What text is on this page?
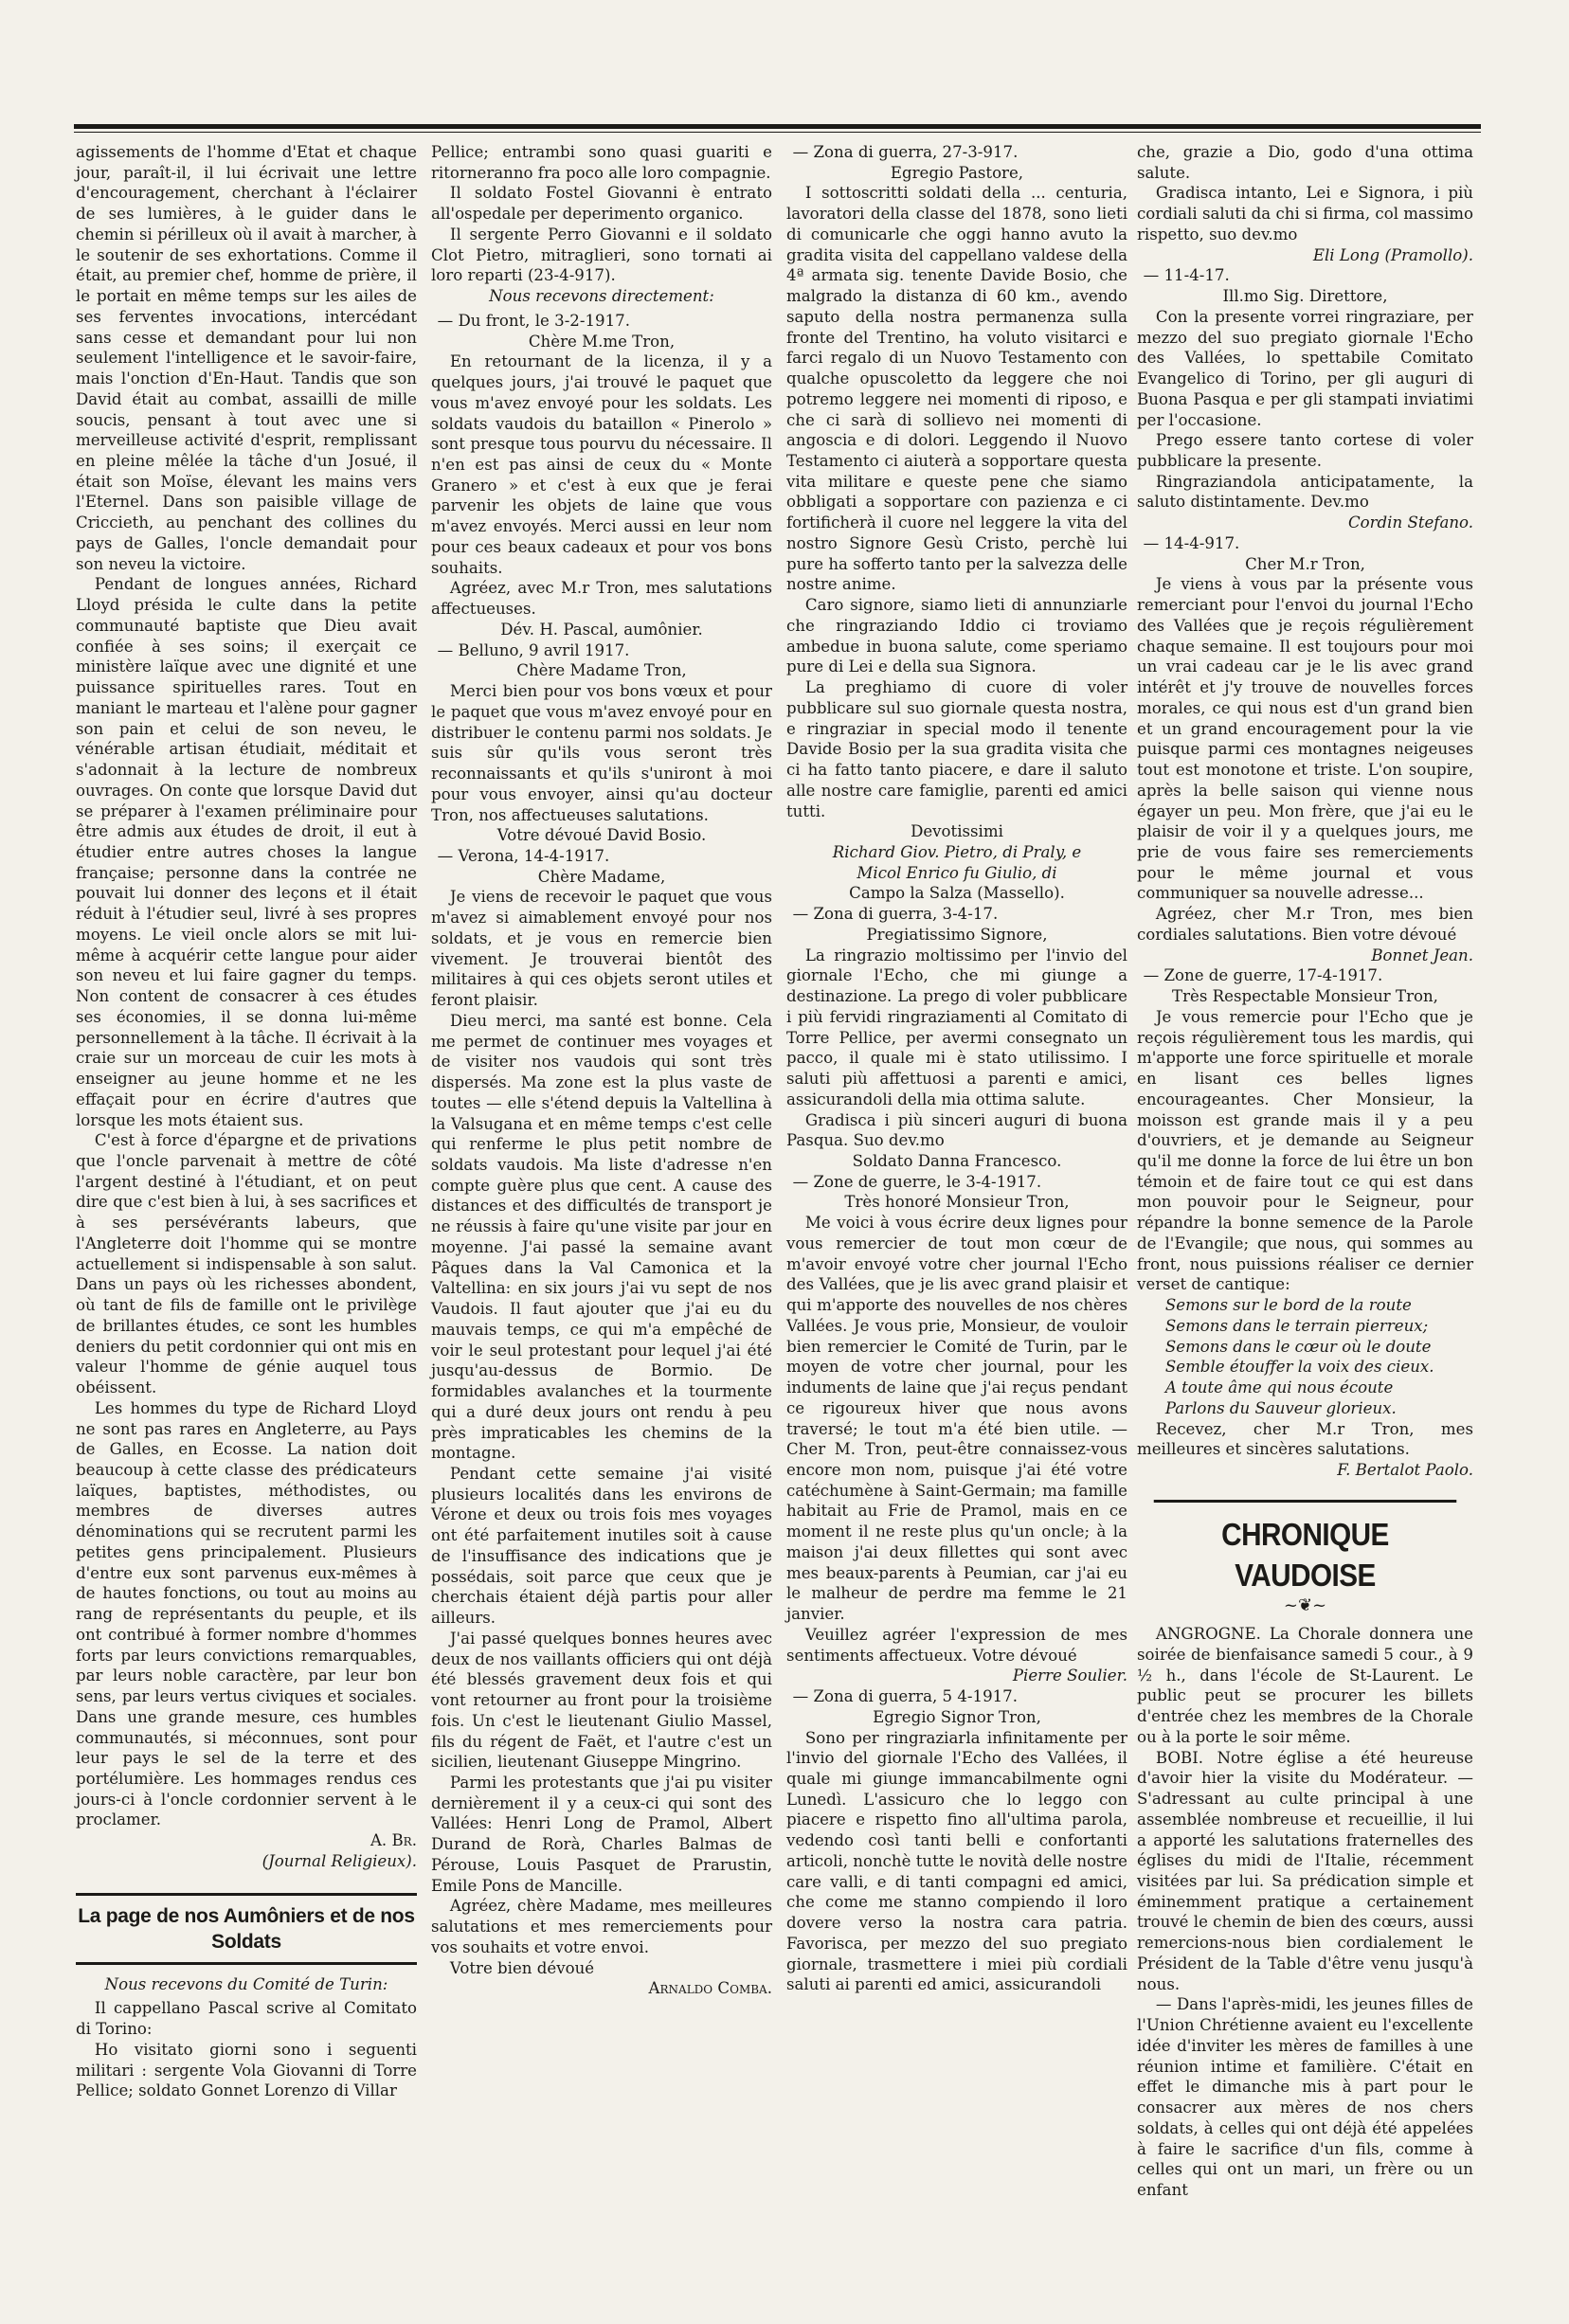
agissements de l'homme d'Etat et chaque jour, paraît-il, il lui écrivait une lettre d'encouragement, cherchant à l'éclairer de ses lumières, à le guider dans le chemin si périlleux où il avait à marcher, à le soutenir de ses exhortations. Comme il était, au premier chef, homme de prière, il le portait en même temps sur les ailes de ses ferventes invocations, intercédant sans cesse et demandant pour lui non seulement l'intelligence et le savoir-faire, mais l'onction d'En-Haut. Tandis que son David était au combat, assailli de mille soucis, pensant à tout avec une si merveilleuse activité d'esprit, remplissant en pleine mêlée la tâche d'un Josué, il était son Moïse, élevant les mains vers l'Eternel. Dans son paisible village de Criccieth, au penchant des collines du pays de Galles, l'oncle demandait pour son neveu la victoire.

Pendant de longues années, Richard Lloyd présida le culte dans la petite communauté baptiste que Dieu avait confiée à ses soins; il exerçait ce ministère laïque avec une dignité et une puissance spirituelles rares. Tout en maniant le marteau et l'alène pour gagner son pain et celui de son neveu, le vénérable artisan étudiait, méditait et s'adonnait à la lecture de nombreux ouvrages. On conte que lorsque David dut se préparer à l'examen préliminaire pour être admis aux études de droit, il eut à étudier entre autres choses la langue française; personne dans la contrée ne pouvait lui donner des leçons et il était réduit à l'étudier seul, livré à ses propres moyens. Le vieil oncle alors se mit lui-même à acquérir cette langue pour aider son neveu et lui faire gagner du temps. Non content de consacrer à ces études ses économies, il se donna lui-même personnellement à la tâche. Il écrivait à la craie sur un morceau de cuir les mots à enseigner au jeune homme et ne les effaçait pour en écrire d'autres que lorsque les mots étaient sus.

C'est à force d'épargne et de privations que l'oncle parvenait à mettre de côté l'argent destiné à l'étudiant, et on peut dire que c'est bien à lui, à ses sacrifices et à ses persévérants labeurs, que l'Angleterre doit l'homme qui se montre actuellement si indispensable à son salut. Dans un pays où les richesses abondent, où tant de fils de famille ont le privilège de brillantes études, ce sont les humbles deniers du petit cordonnier qui ont mis en valeur l'homme de génie auquel tous obéissent.

Les hommes du type de Richard Lloyd ne sont pas rares en Angleterre, au Pays de Galles, en Ecosse. La nation doit beaucoup à cette classe des prédicateurs laïques, baptistes, méthodistes, ou membres de diverses autres dénominations qui se recrutent parmi les petites gens principalement. Plusieurs d'entre eux sont parvenus eux-mêmes à de hautes fonctions, ou tout au moins au rang de représentants du peuple, et ils ont contribué à former nombre d'hommes forts par leurs convictions remarquables, par leurs noble caractère, par leur bon sens, par leurs vertus civiques et sociales. Dans une grande mesure, ces humbles communautés, si méconnues, sont pour leur pays le sel de la terre et des portélumière. Les hommages rendus ces jours-ci à l'oncle cordonnier servent à le proclamer.

A. Br.

(Journal Religieux).

La page de nos Aumôniers et de nos Soldats

Nous recevons du Comité de Turin:

Il cappellano Pascal scrive al Comitato di Torino:

Ho visitato giorni sono i seguenti militari : sergente Vola Giovanni di Torre Pellice; soldato Gonnet Lorenzo di Villar

Pellice; entrambi sono quasi guariti e ritorneranno fra poco alle loro compagnie.

Il soldato Fostel Giovanni è entrato all'ospedale per deperimento organico.

Il sergente Perro Giovanni e il soldato Clot Pietro, mitraglieri, sono tornati ai loro reparti (23-4-917).

Nous recevons directement:

— Du front, le 3-2-1917.

Chère M.me Tron,

En retournant de la licenza, il y a quelques jours, j'ai trouvé le paquet que vous m'avez envoyé pour les soldats. Les soldats vaudois du bataillon « Pinerolo » sont presque tous pourvu du nécessaire. Il n'en est pas ainsi de ceux du « Monte Granero » et c'est à eux que je ferai parvenir les objets de laine que vous m'avez envoyés. Merci aussi en leur nom pour ces beaux cadeaux et pour vos bons souhaits.

Agréez, avec M.r Tron, mes salutations affectueuses.

Dév. H. Pascal, aumônier.

— Belluno, 9 avril 1917.

Chère Madame Tron,

Merci bien pour vos bons vœux et pour le paquet que vous m'avez envoyé pour en distribuer le contenu parmi nos soldats. Je suis sûr qu'ils vous seront très reconnaissants et qu'ils s'uniront à moi pour vous envoyer, ainsi qu'au docteur Tron, nos affectueuses salutations.

Votre dévoué David Bosio.

— Verona, 14-4-1917.

Chère Madame,

Je viens de recevoir le paquet que vous m'avez si aimablement envoyé pour nos soldats, et je vous en remercie bien vivement. Je trouverai bientôt des militaires à qui ces objets seront utiles et feront plaisir.

Dieu merci, ma santé est bonne. Cela me permet de continuer mes voyages et de visiter nos vaudois qui sont très dispersés. Ma zone est la plus vaste de toutes — elle s'étend depuis la Valtellina à la Valsugana et en même temps c'est celle qui renferme le plus petit nombre de soldats vaudois. Ma liste d'adresse n'en compte guère plus que cent. A cause des distances et des difficultés de transport je ne réussis à faire qu'une visite par jour en moyenne. J'ai passé la semaine avant Pâques dans la Val Camonica et la Valtellina: en six jours j'ai vu sept de nos Vaudois. Il faut ajouter que j'ai eu du mauvais temps, ce qui m'a empêché de voir le seul protestant pour lequel j'ai été jusqu'au-dessus de Bormio. De formidables avalanches et la tourmente qui a duré deux jours ont rendu à peu près impraticables les chemins de la montagne.

Pendant cette semaine j'ai visité plusieurs localités dans les environs de Vérone et deux ou trois fois mes voyages ont été parfaitement inutiles soit à cause de l'insuffisance des indications que je possédais, soit parce que ceux que je cherchais étaient déjà partis pour aller ailleurs.

J'ai passé quelques bonnes heures avec deux de nos vaillants officiers qui ont déjà été blessés gravement deux fois et qui vont retourner au front pour la troisième fois. Un c'est le lieutenant Giulio Massel, fils du régent de Faët, et l'autre c'est un sicilien, lieutenant Giuseppe Mingrino.

Parmi les protestants que j'ai pu visiter dernièrement il y a ceux-ci qui sont des Vallées: Henri Long de Pramol, Albert Durand de Rorà, Charles Balmas de Pérouse, Louis Pasquet de Prarustin, Emile Pons de Mancille.

Agréez, chère Madame, mes meilleures salutations et mes remerciements pour vos souhaits et votre envoi.

Votre bien dévoué

Arnaldo Comba.

— Zona di guerra, 27-3-917.

Egregio Pastore,

I sottoscritti soldati della ... centuria, lavoratori della classe del 1878, sono lieti di comunicarle che oggi hanno avuto la gradita visita del cappellano valdese della 4ª armata sig. tenente Davide Bosio, che malgrado la distanza di 60 km., avendo saputo della nostra permanenza sulla fronte del Trentino, ha voluto visitarci e farci regalo di un Nuovo Testamento con qualche opuscoletto da leggere che noi potremo leggere nei momenti di riposo, e che ci sarà di sollievo nei momenti di angoscia e di dolori. Leggendo il Nuovo Testamento ci aiuterà a sopportare questa vita militare e queste pene che siamo obbligati a sopportare con pazienza e ci fortificherà il cuore nel leggere la vita del nostro Signore Gesù Cristo, perchè lui pure ha sofferto tanto per la salvezza delle nostre anime.

Caro signore, siamo lieti di annunziarle che ringraziando Iddio ci troviamo ambedue in buona salute, come speriamo pure di Lei e della sua Signora.

La preghiamo di cuore di voler pubblicare sul suo giornale questa nostra, e ringraziar in special modo il tenente Davide Bosio per la sua gradita visita che ci ha fatto tanto piacere, e dare il saluto alle nostre care famiglie, parenti ed amici tutti.

Devotissimi

Richard Giov. Pietro, di Praly, e

Micol Enrico fu Giulio, di

Campo la Salza (Massello).

— Zona di guerra, 3-4-17.

Pregiatissimo Signore,

La ringrazio moltissimo per l'invio del giornale l'Echo, che mi giunge a destinazione. La prego di voler pubblicare i più fervidi ringraziamenti al Comitato di Torre Pellice, per avermi consegnato un pacco, il quale mi è stato utilissimo. I saluti più affettuosi a parenti e amici, assicurandoli della mia ottima salute.

Gradisca i più sinceri auguri di buona Pasqua. Suo dev.mo

Soldato Danna Francesco.

— Zone de guerre, le 3-4-1917.

Très honoré Monsieur Tron,

Me voici à vous écrire deux lignes pour vous remercier de tout mon cœur de m'avoir envoyé votre cher journal l'Echo des Vallées, que je lis avec grand plaisir et qui m'apporte des nouvelles de nos chères Vallées. Je vous prie, Monsieur, de vouloir bien remercier le Comité de Turin, par le moyen de votre cher journal, pour les induments de laine que j'ai reçus pendant ce rigoureux hiver que nous avons traversé; le tout m'a été bien utile. — Cher M. Tron, peut-être connaissez-vous encore mon nom, puisque j'ai été votre catéchumène à Saint-Germain; ma famille habitait au Frie de Pramol, mais en ce moment il ne reste plus qu'un oncle; à la maison j'ai deux fillettes qui sont avec mes beaux-parents à Peumian, car j'ai eu le malheur de perdre ma femme le 21 janvier.

Veuillez agréer l'expression de mes sentiments affectueux. Votre dévoué

Pierre Soulier.

— Zona di guerra, 5 4-1917.

Egregio Signor Tron,

Sono per ringraziarla infinitamente per l'invio del giornale l'Echo des Vallées, il quale mi giunge immancabilmente ogni Lunedì. L'assicuro che lo leggo con piacere e rispetto fino all'ultima parola, vedendo così tanti belli e confortanti articoli, nonchè tutte le novità delle nostre care valli, e di tanti compagni ed amici, che come me stanno compiendo il loro dovere verso la nostra cara patria. Favorisca, per mezzo del suo pregiato giornale, trasmettere i miei più cordiali saluti ai parenti ed amici, assicurandoli

che, grazie a Dio, godo d'una ottima salute.

Gradisca intanto, Lei e Signora, i più cordiali saluti da chi si firma, col massimo rispetto, suo dev.mo

Eli Long (Pramollo).

— 11-4-17.

Ill.mo Sig. Direttore,

Con la presente vorrei ringraziare, per mezzo del suo pregiato giornale l'Echo des Vallées, lo spettabile Comitato Evangelico di Torino, per gli auguri di Buona Pasqua e per gli stampati inviatimi per l'occasione.

Prego essere tanto cortese di voler pubblicare la presente.

Ringraziandola anticipatamente, la saluto distintamente. Dev.mo

Cordin Stefano.

— 14-4-917.

Cher M.r Tron,

Je viens à vous par la présente vous remerciant pour l'envoi du journal l'Echo des Vallées que je reçois régulièrement chaque semaine. Il est toujours pour moi un vrai cadeau car je le lis avec grand intérêt et j'y trouve de nouvelles forces morales, ce qui nous est d'un grand bien et un grand encouragement pour la vie puisque parmi ces montagnes neigeuses tout est monotone et triste. L'on soupire, après la belle saison qui vienne nous égayer un peu. Mon frère, que j'ai eu le plaisir de voir il y a quelques jours, me prie de vous faire ses remerciements pour le même journal et vous communiquer sa nouvelle adresse...

Agréez, cher M.r Tron, mes bien cordiales salutations. Bien votre dévoué

Bonnet Jean.

— Zone de guerre, 17-4-1917.

Très Respectable Monsieur Tron,

Je vous remercie pour l'Echo que je reçois régulièrement tous les mardis, qui m'apporte une force spirituelle et morale en lisant ces belles lignes encourageantes. Cher Monsieur, la moisson est grande mais il y a peu d'ouvriers, et je demande au Seigneur qu'il me donne la force de lui être un bon témoin et de faire tout ce qui est dans mon pouvoir pour le Seigneur, pour répandre la bonne semence de la Parole de l'Evangile; que nous, qui sommes au front, nous puissions réaliser ce dernier verset de cantique:

Semons sur le bord de la route

Semons dans le terrain pierreux;

Semons dans le cœur où le doute

Semble étouffer la voix des cieux.

A toute âme qui nous écoute

Parlons du Sauveur glorieux.

Recevez, cher M.r Tron, mes meilleures et sincères salutations.

F. Bertalot Paolo.

CHRONIQUE VAUDOISE
~❦~

ANGROGNE. La Chorale donnera une soirée de bienfaisance samedi 5 cour., à 9 ½ h., dans l'école de St-Laurent. Le public peut se procurer les billets d'entrée chez les membres de la Chorale ou à la porte le soir même.

BOBI. Notre église a été heureuse d'avoir hier la visite du Modérateur. — S'adressant au culte principal à une assemblée nombreuse et recueillie, il lui a apporté les salutations fraternelles des églises du midi de l'Italie, récemment visitées par lui. Sa prédication simple et éminemment pratique a certainement trouvé le chemin de bien des cœurs, aussi remercions-nous bien cordialement le Président de la Table d'être venu jusqu'à nous.

— Dans l'après-midi, les jeunes filles de l'Union Chrétienne avaient eu l'excellente idée d'inviter les mères de familles à une réunion intime et familière. C'était en effet le dimanche mis à part pour le consacrer aux mères de nos chers soldats, à celles qui ont déjà été appelées à faire le sacrifice d'un fils, comme à celles qui ont un mari, un frère ou un enfant
